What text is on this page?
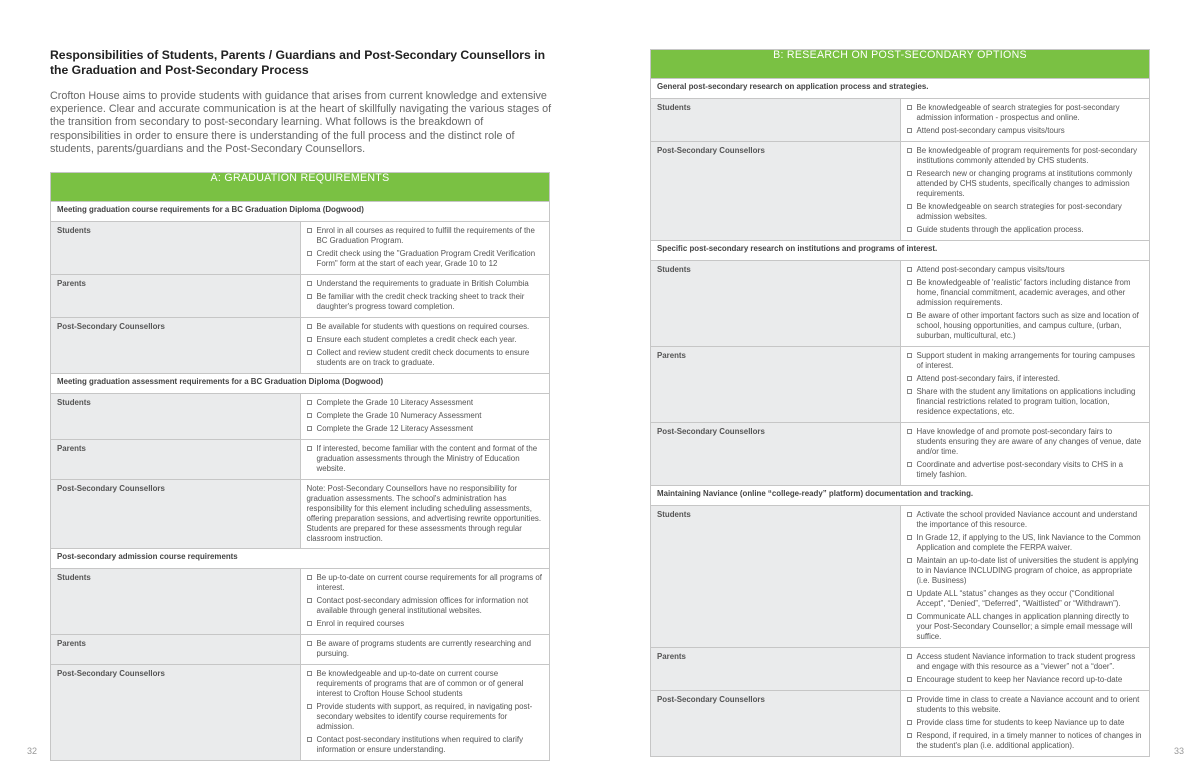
Responsibilities of Students, Parents / Guardians and Post-Secondary Counsellors in the Graduation and Post-Secondary Process
Crofton House aims to provide students with guidance that arises from current knowledge and extensive experience. Clear and accurate communication is at the heart of skillfully navigating the various stages of the transition from secondary to post-secondary learning. What follows is the breakdown of responsibilities in order to ensure there is understanding of the full process and the distinct role of students, parents/guardians and the Post-Secondary Counsellors.
A: GRADUATION REQUIREMENTS	
Meeting graduation course requirements for a BC Graduation Diploma (Dogwood)	
Students	Enrol in all courses as required to fulfill the requirements of the BC Graduation Program.
Credit check using the "Graduation Program Credit Verification Form" form at the start of each year, Grade 10 to 12

Parents	Understand the requirements to graduate in British Columbia
Be familiar with the credit check tracking sheet to track their daughter's progress toward completion.

Post-Secondary Counsellors	Be available for students with questions on required courses.
Ensure each student completes a credit check each year.
Collect and review student credit check documents to ensure students are on track to graduate.

Meeting graduation assessment requirements for a BC Graduation Diploma (Dogwood)	
Students	Complete the Grade 10 Literacy Assessment
Complete the Grade 10 Numeracy Assessment
Complete the Grade 12 Literacy Assessment

Parents	If interested, become familiar with the content and format of the graduation assessments through the Ministry of Education website.

Post-Secondary Counsellors	Note: Post-Secondary Counsellors have no responsibility for graduation assessments. The school's administration has responsibility for this element including scheduling assessments, offering preparation sessions, and advertising rewrite opportunities. Students are prepared for these assessments through regular classroom instruction.

Post-secondary admission course requirements	
Students	Be up-to-date on current course requirements for all programs of interest.
Contact post-secondary admission offices for information not available through general institutional websites.
Enrol in required courses

Parents	Be aware of programs students are currently researching and pursuing.

Post-Secondary Counsellors	Be knowledgeable and up-to-date on current course requirements of programs that are of common or of general interest to Crofton House School students
Provide students with support, as required, in navigating post-secondary websites to identify course requirements for admission.
Contact post-secondary institutions when required to clarify information or ensure understanding.
32
B: RESEARCH ON POST-SECONDARY OPTIONS	
General post-secondary research on application process and strategies.	
Students	Be knowledgeable of search strategies for post-secondary admission information - prospectus and online.
Attend post-secondary campus visits/tours

Post-Secondary Counsellors	Be knowledgeable of program requirements for post-secondary institutions commonly attended by CHS students.
Research new or changing programs at institutions commonly attended by CHS students, specifically changes to admission requirements.
Be knowledgeable on search strategies for post-secondary admission websites.
Guide students through the application process.

Specific post-secondary research on institutions and programs of interest.	
Students	Attend post-secondary campus visits/tours
Be knowledgeable of 'realistic' factors including distance from home, financial commitment, academic averages, and other admission requirements.
Be aware of other important factors such as size and location of school, housing opportunities, and campus culture, (urban, suburban, multicultural, etc.)

Parents	Support student in making arrangements for touring campuses of interest.
Attend post-secondary fairs, if interested.
Share with the student any limitations on applications including financial restrictions related to program tuition, location, residence expectations, etc.

Post-Secondary Counsellors	Have knowledge of and promote post-secondary fairs to students ensuring they are aware of any changes of venue, date and/or time.
Coordinate and advertise post-secondary visits to CHS in a timely fashion.

Maintaining Naviance (online “college-ready” platform) documentation and tracking.	
Students	Activate the school provided Naviance account and understand the importance of this resource.
In Grade 12, if applying to the US, link Naviance to the Common Application and complete the FERPA waiver.
Maintain an up-to-date list of universities the student is applying to in Naviance INCLUDING program of choice, as appropriate (i.e. Business)
Update ALL “status” changes as they occur (“Conditional Accept”, “Denied”, “Deferred”, “Waitlisted” or “Withdrawn”).
Communicate ALL changes in application planning directly to your Post-Secondary Counsellor; a simple email message will suffice.

Parents	Access student Naviance information to track student progress and engage with this resource as a “viewer” not a “doer”.
Encourage student to keep her Naviance record up-to-date

Post-Secondary Counsellors	Provide time in class to create a Naviance account and to orient students to this website.
Provide class time for students to keep Naviance up to date
Respond, if required, in a timely manner to notices of changes in the student's plan (i.e. additional application).
33
